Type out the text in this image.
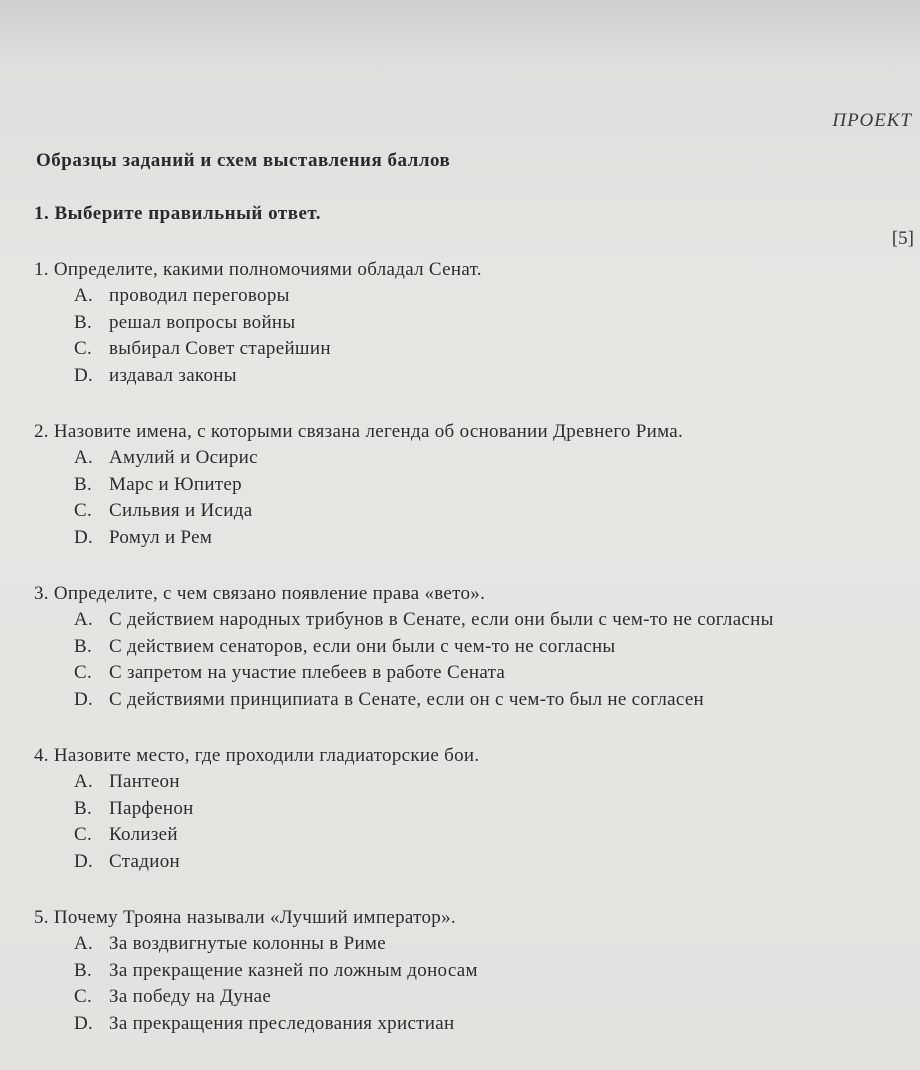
ПРОЕКТ
Образцы заданий и схем выставления баллов
1. Выберите правильный ответ.
[5]
1. Определите, какими полномочиями обладал Сенат.
A. проводил переговоры
B. решал вопросы войны
C. выбирал Совет старейшин
D. издавал законы
2. Назовите имена, с которыми связана легенда об основании Древнего Рима.
A. Амулий и Осирис
B. Марс и Юпитер
C. Сильвия и Исида
D. Ромул и Рем
3. Определите, с чем связано появление права «вето».
A. С действием народных трибунов в Сенате, если они были с чем-то не согласны
B. С действием сенаторов, если они были с чем-то не согласны
C. С запретом на участие плебеев в работе Сената
D. С действиями принципиата в Сенате, если он с чем-то был не согласен
4. Назовите место, где проходили гладиаторские бои.
A. Пантеон
B. Парфенон
C. Колизей
D. Стадион
5. Почему Трояна называли «Лучший император».
A. За воздвигнутые колонны в Риме
B. За прекращение казней по ложным доносам
C. За победу на Дунае
D. За прекращения преследования христиан
